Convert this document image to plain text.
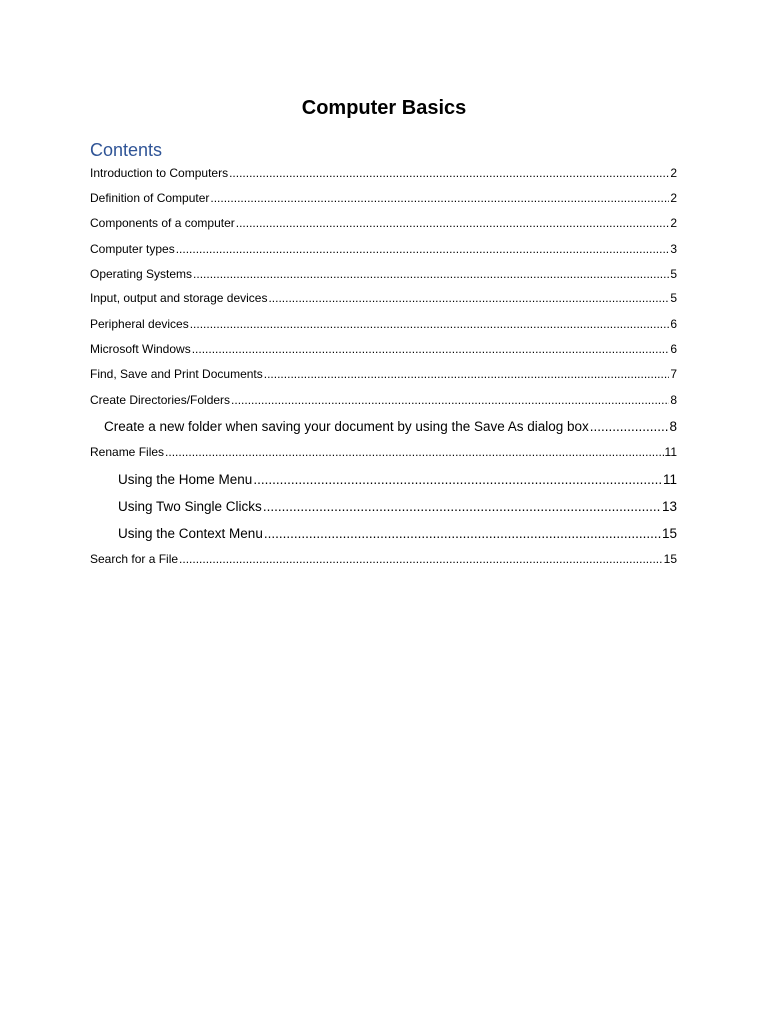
Computer Basics
Contents
Introduction to Computers .....	2
Definition of Computer .....	2
Components of a computer .....	2
Computer types .....	3
Operating Systems .....	5
Input, output and storage devices .....	5
Peripheral devices .....	6
Microsoft Windows .....	6
Find, Save and Print Documents .....	7
Create Directories/Folders .....	8
Create a new folder when saving your document by using the Save As dialog box .....	8
Rename Files .....	11
Using the Home Menu .....	11
Using Two Single Clicks .....	13
Using the Context Menu .....	15
Search for a File .....	15
